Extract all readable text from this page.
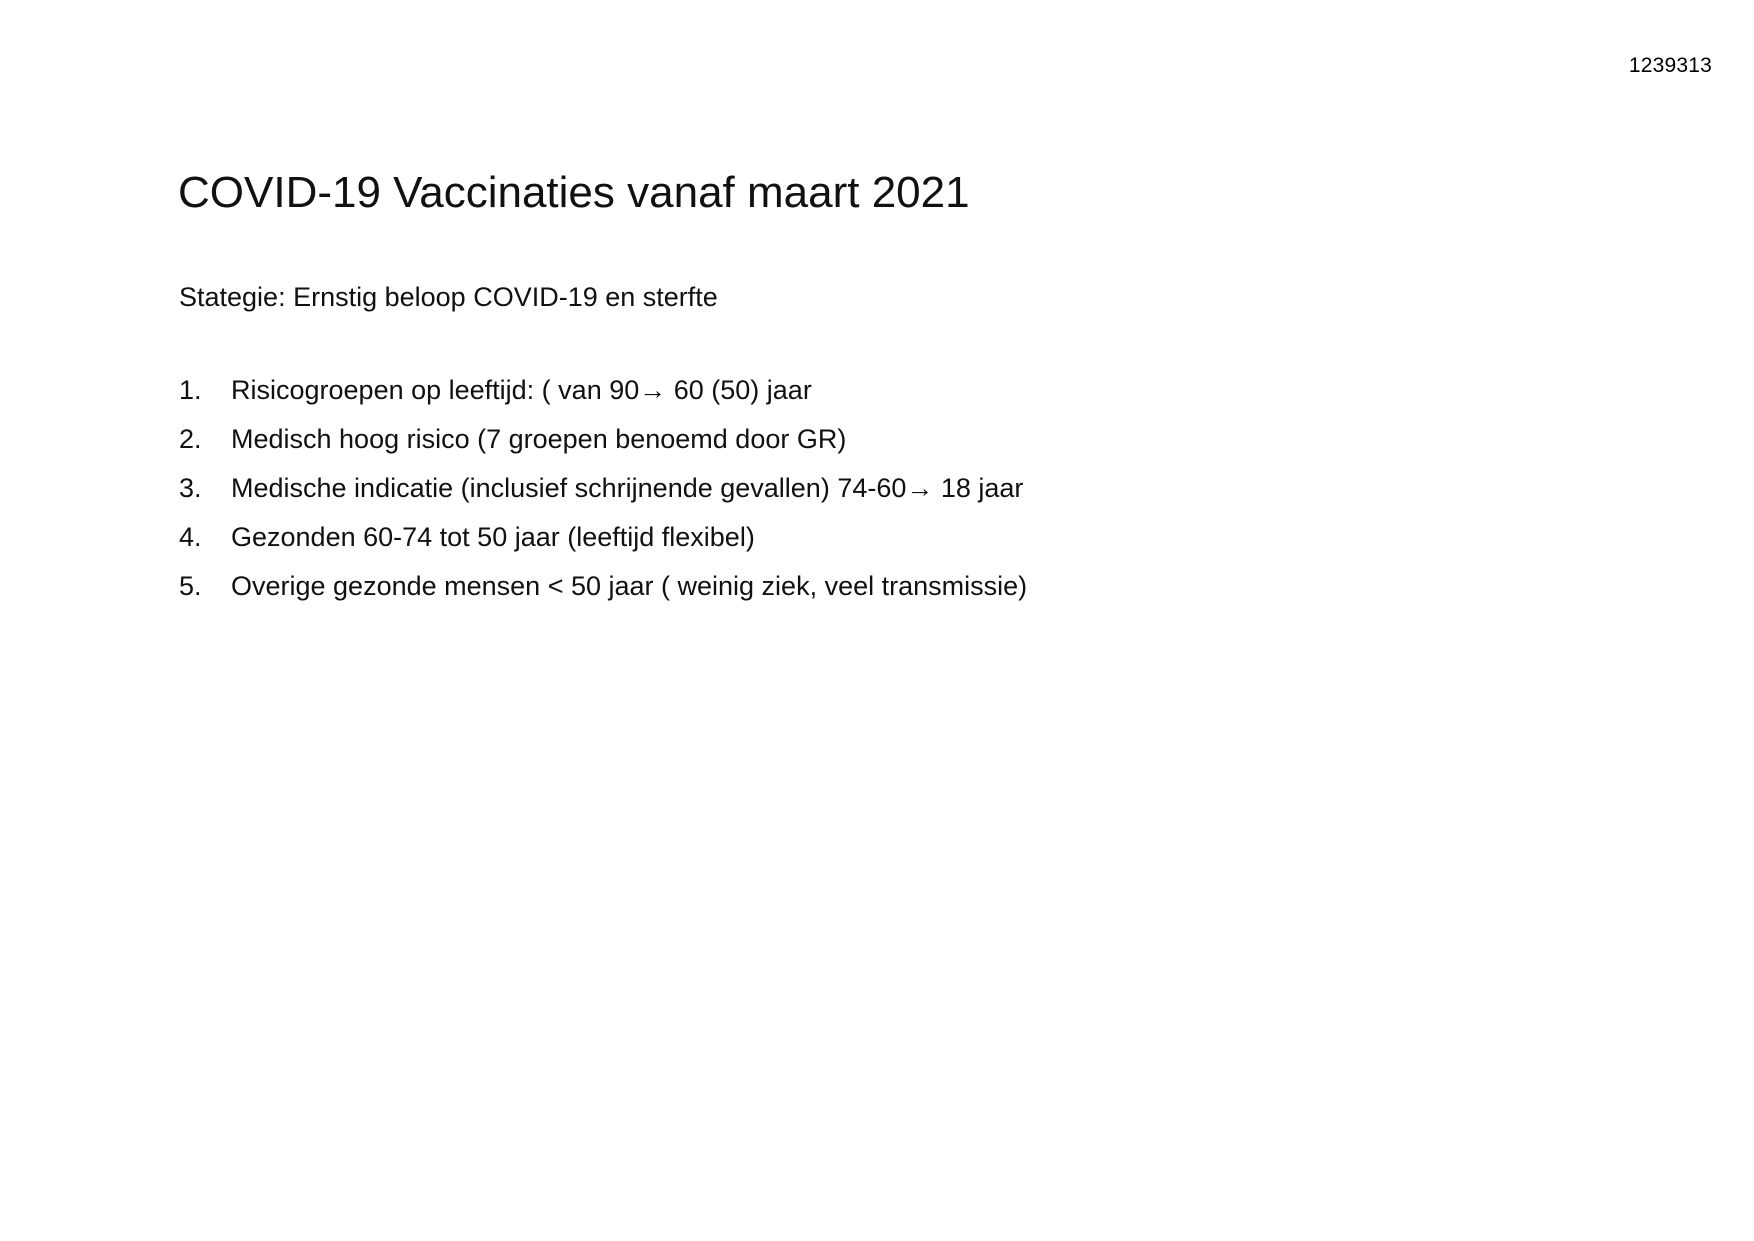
1239313
COVID-19 Vaccinaties vanaf maart 2021
Stategie: Ernstig beloop COVID-19 en sterfte
1.	Risicogroepen op leeftijd: ( van 90→ 60 (50) jaar
2.	Medisch hoog risico (7 groepen benoemd door GR)
3.	Medische indicatie (inclusief schrijnende gevallen) 74-60→ 18 jaar
4.	Gezonden 60-74 tot 50 jaar (leeftijd flexibel)
5.	Overige gezonde mensen < 50 jaar ( weinig ziek, veel transmissie)
